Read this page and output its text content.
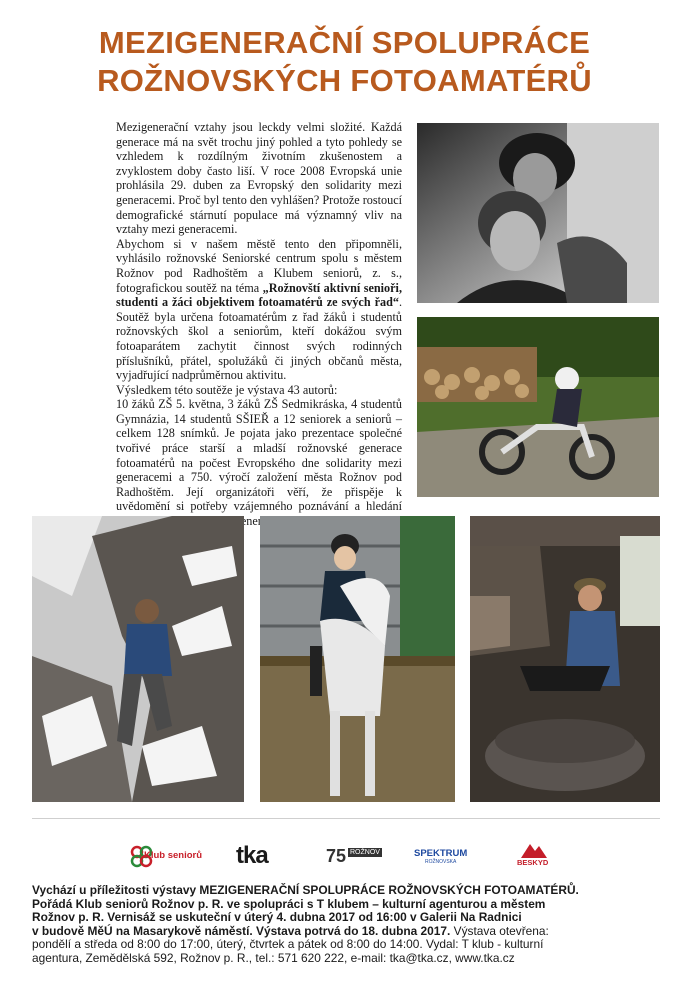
MEZIGENERAČNÍ SPOLUPRÁCE
ROŽNOVSKÝCH FOTOAMATÉRŮ

Mezigenerační vztahy jsou leckdy velmi složité. Každá generace má na svět trochu jiný pohled a tyto pohledy se vzhledem k rozdílným životním zkušenostem a zvyklostem doby často liší. V roce 2008 Evropská unie prohlásila 29. duben za Evropský den solidarity mezi generacemi. Proč byl tento den vyhlášen? Protože rostoucí demografické stárnutí populace má významný vliv na vztahy mezi generacemi.

Abychom si v našem městě tento den připomněli, vyhlásilo rožnovské Seniorské centrum spolu s městem Rožnov pod Radhoštěm a Klubem seniorů, z. s., fotografickou soutěž na téma „Rožnovští aktivní senioři, studenti a žáci objektivem fotoamatérů ze svých řad“. Soutěž byla určena fotoamatérům z řad žáků i studentů rožnovských škol a seniorům, kteří dokážou svým fotoaparátem zachytit činnost svých rodinných příslušníků, přátel, spolužáků či jiných občanů města, vyjadřující nadprůměrnou aktivitu.

Výsledkem této soutěže je výstava 43 autorů:

10 žáků ZŠ 5. května, 3 žáků ZŠ Sedmikráska, 4 studentů Gymnázia, 14 studentů SŠIEŘ a 12 seniorek a seniorů – celkem 128 snímků. Je pojata jako prezentace společné tvořivé práce starší a mladší rožnovské generace fotoamatérů na počest Evropského dne solidarity mezi generacemi a 750. výročí založení města Rožnov pod Radhoštěm. Její organizátoři věří, že přispěje k uvědomění si potřeby vzájemného poznávání a hledání generací

Klub seniorů tka	75 ROŽNOV	SPEKTRUM
ROŽNOVSKA	BESKYD
Vychází u příležitosti výstavy MEZIGENERAČNÍ SPOLUPRÁCE ROŽNOVSKÝCH FOTOAMATÉRŮ.
Pořádá Klub seniorů Rožnov p. R. ve spolupráci s T klubem – kulturní agenturou a městem
Rožnov p. R. Vernisáž se uskuteční v úterý 4. dubna 2017 od 16:00 v Galerii Na Radnici
v budově MěÚ na Masarykově náměstí. Výstava potrvá do 18. dubna 2017. Výstava otevřena:
pondělí a středa od 8:00 do 17:00, úterý, čtvrtek a pátek od 8:00 do 14:00. Vydal: T klub - kulturní
agentura, Zemědělská 592, Rožnov p. R., tel.: 571 620 222, e-mail: tka@tka.cz, www.tka.cz
